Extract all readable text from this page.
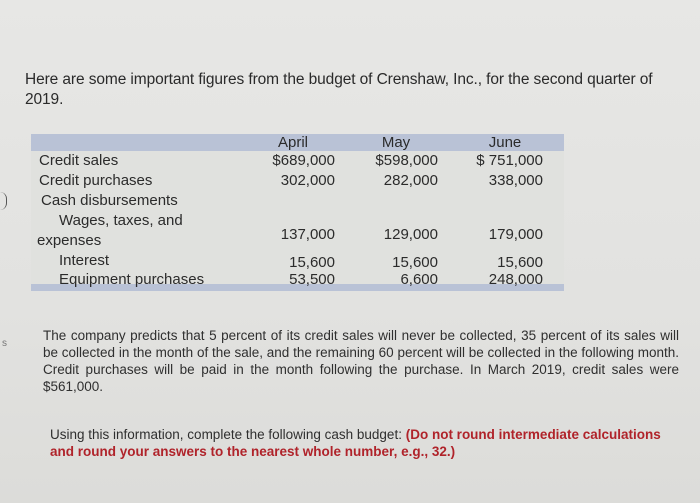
Here are some important figures from the budget of Crenshaw, Inc., for the second quarter of 2019.
s
April	May	June
Credit sales	$689,000	$598,000	$ 751,000
Credit purchases	302,000	282,000	338,000
Cash disbursements
Wages, taxes, and
expenses	137,000	129,000	179,000
Interest	15,600	15,600	15,600
Equipment purchases	53,500	6,600	248,000
The company predicts that 5 percent of its credit sales will never be collected, 35 percent of its sales will be collected in the month of the sale, and the remaining 60 percent will be collected in the following month. Credit purchases will be paid in the month following the purchase. In March 2019, credit sales were $561,000.
Using this information, complete the following cash budget: (Do not round intermediate calculations and round your answers to the nearest whole number, e.g., 32.)
